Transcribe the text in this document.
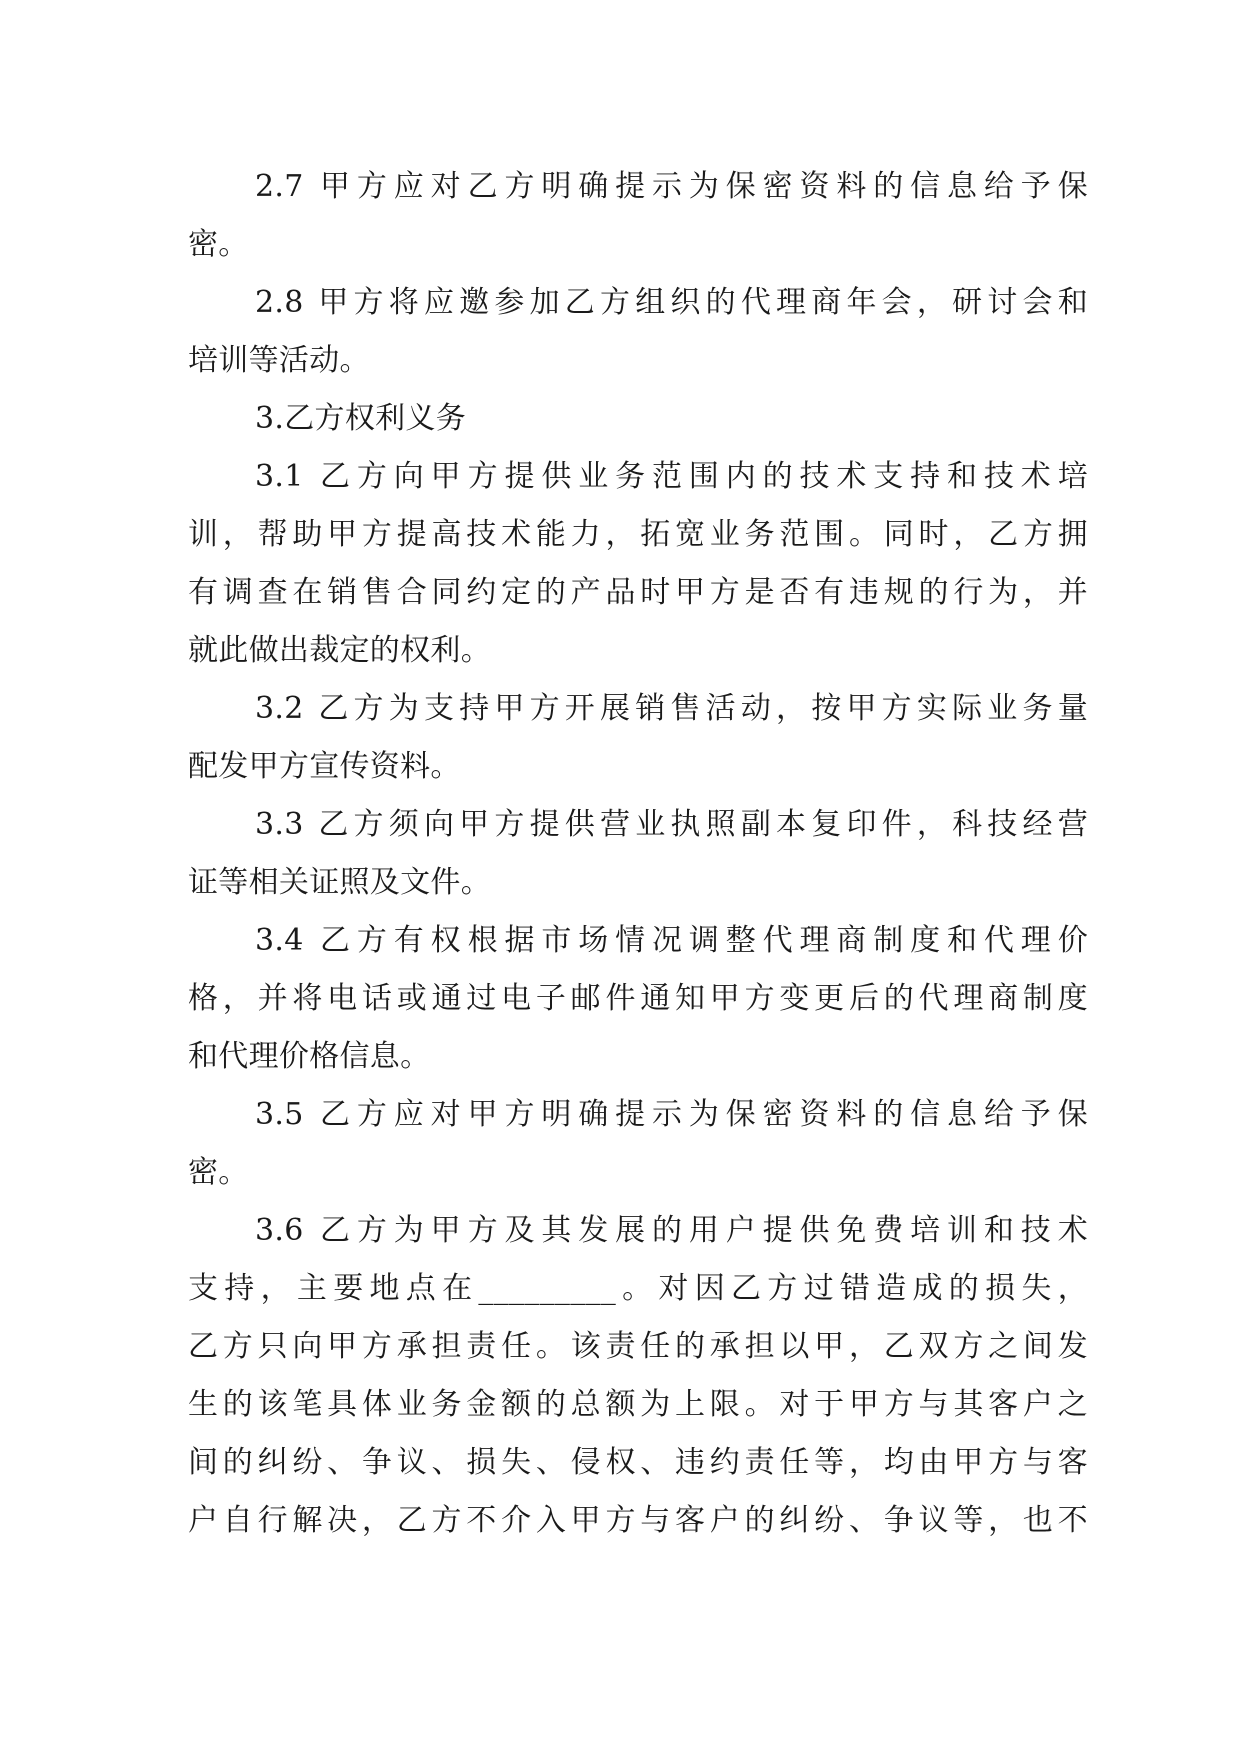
2.7 甲方应对乙方明确提示为保密资料的信息给予保

密。

2.8 甲方将应邀参加乙方组织的代理商年会，研讨会和

培训等活动。

3.乙方权利义务

3.1 乙方向甲方提供业务范围内的技术支持和技术培

训，帮助甲方提高技术能力，拓宽业务范围。同时，乙方拥

有调查在销售合同约定的产品时甲方是否有违规的行为，并

就此做出裁定的权利。

3.2 乙方为支持甲方开展销售活动，按甲方实际业务量

配发甲方宣传资料。

3.3 乙方须向甲方提供营业执照副本复印件，科技经营

证等相关证照及文件。

3.4 乙方有权根据市场情况调整代理商制度和代理价

格，并将电话或通过电子邮件通知甲方变更后的代理商制度

和代理价格信息。

3.5 乙方应对甲方明确提示为保密资料的信息给予保

密。

3.6 乙方为甲方及其发展的用户提供免费培训和技术

支持，主要地点在_________。对因乙方过错造成的损失，

乙方只向甲方承担责任。该责任的承担以甲，乙双方之间发

生的该笔具体业务金额的总额为上限。对于甲方与其客户之

间的纠纷、争议、损失、侵权、违约责任等，均由甲方与客

户自行解决，乙方不介入甲方与客户的纠纷、争议等，也不
